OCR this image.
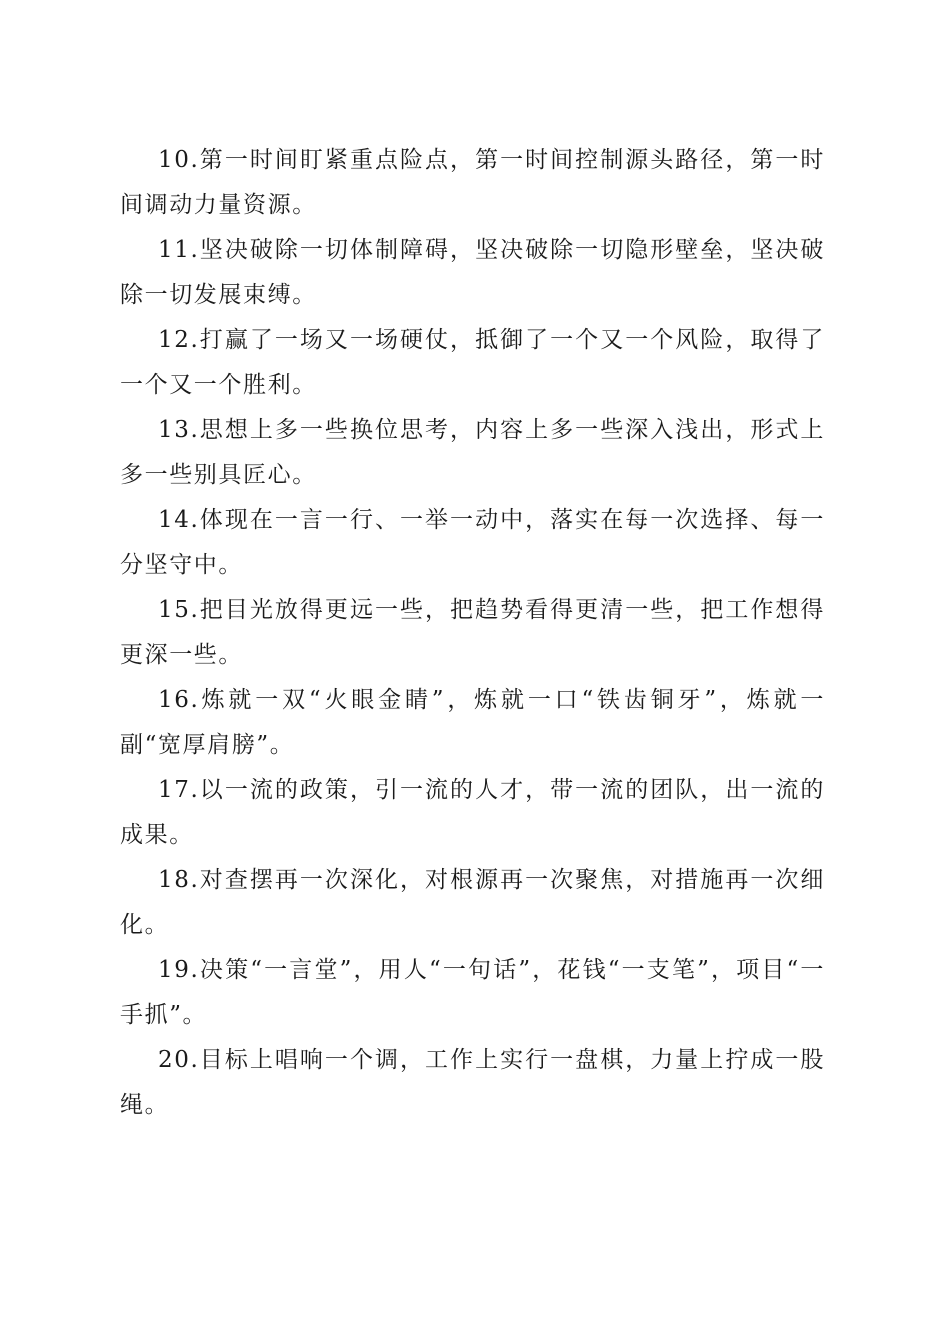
10.第一时间盯紧重点险点，第一时间控制源头路径，第一时间调动力量资源。

11.坚决破除一切体制障碍，坚决破除一切隐形壁垒，坚决破除一切发展束缚。

12.打赢了一场又一场硬仗，抵御了一个又一个风险，取得了一个又一个胜利。

13.思想上多一些换位思考，内容上多一些深入浅出，形式上多一些别具匠心。

14.体现在一言一行、一举一动中，落实在每一次选择、每一分坚守中。

15.把目光放得更远一些，把趋势看得更清一些，把工作想得更深一些。

16.炼就一双“火眼金睛”，炼就一口“铁齿铜牙”，炼就一副“宽厚肩膀”。

17.以一流的政策，引一流的人才，带一流的团队，出一流的成果。

18.对查摆再一次深化，对根源再一次聚焦，对措施再一次细化。

19.决策“一言堂”，用人“一句话”，花钱“一支笔”，项目“一手抓”。

20.目标上唱响一个调，工作上实行一盘棋，力量上拧成一股绳。
